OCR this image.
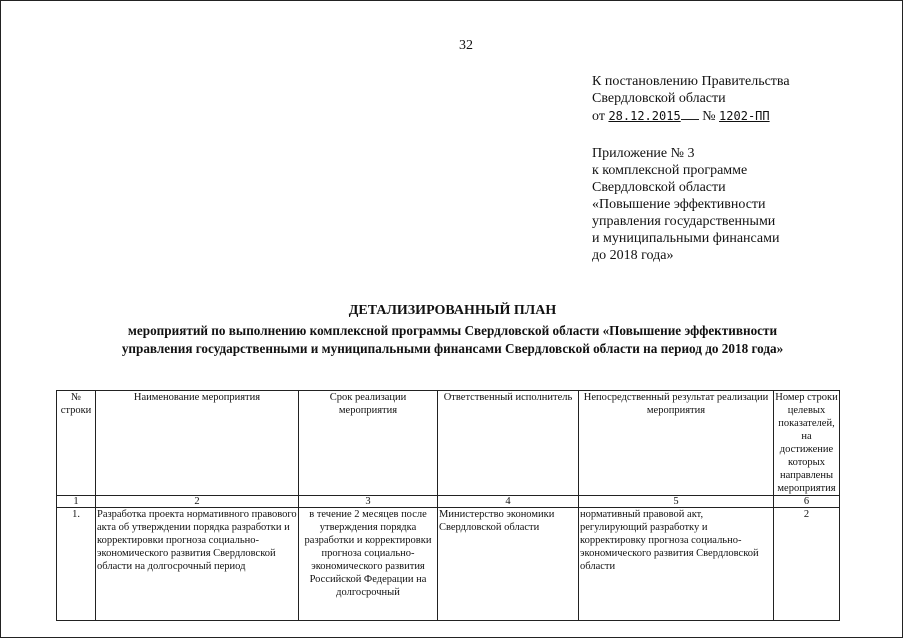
32
К постановлению Правительства
Свердловской области
от 28.12.2015 № 1202-ПП
Приложение № 3
к комплексной программе
Свердловской области
«Повышение эффективности
управления государственными
и муниципальными финансами
до 2018 года»
ДЕТАЛИЗИРОВАННЫЙ ПЛАН
мероприятий по выполнению комплексной программы Свердловской области «Повышение эффективности
управления государственными и муниципальными финансами Свердловской области на период до 2018 года»
№ строки	Наименование мероприятия	Срок реализации мероприятия	Ответственный исполнитель	Непосредственный результат реализации мероприятия	Номер строки целевых показателей, на достижение которых направлены мероприятия
1	2	3	4	5	6
1.	Разработка проекта нормативного правового акта об утверждении порядка разработки и корректировки прогноза социально-экономического развития Свердловской области на долгосрочный период	в течение 2 месяцев после утверждения порядка разработки и корректировки прогноза социально-экономического развития Российской Федерации на долгосрочный	Министерство экономики Свердловской области	нормативный правовой акт, регулирующий разработку и корректировку прогноза социально-экономического развития Свердловской области	2
